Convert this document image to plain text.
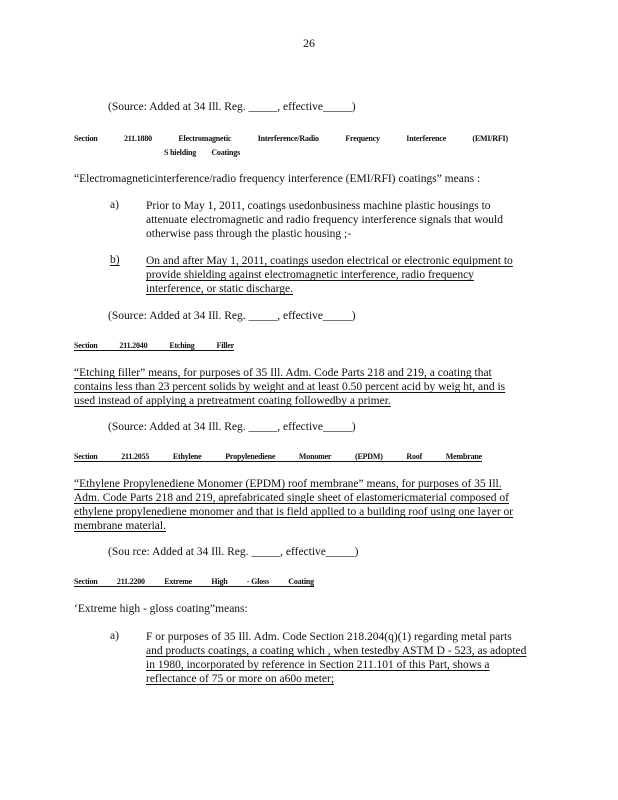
26
(Source: Added at 34 Ill. Reg. _____, effective_____)
Section	211.1880	Electromagnetic	Interference/Radio	Frequency	Interference	(EMI/RFI)
S hielding Coatings
“Electromagneticinterference/radio frequency interference (EMI/RFI) coatings” means :
a) Prior to May 1, 2011, coatings usedonbusiness machine plastic housings to
attenuate electromagnetic and radio frequency interference signals that would
otherwise pass through the plastic housing ;-
b) On and after May 1, 2011, coatings usedon electrical or electronic equipment to
provide shielding against electromagnetic interference, radio frequency
interference, or static discharge.
(Source: Added at 34 Ill. Reg. _____, effective_____)
Section	211.2040	Etching	Filler
“Etching filler” means, for purposes of 35 Ill. Adm. Code Parts 218 and 219, a coating that
contains less than 23 percent solids by weight and at least 0.50 percent acid by weig ht, and is
used instead of applying a pretreatment coating followedby a primer.
(Source: Added at 34 Ill. Reg. _____, effective_____)
Section	211.2055	Ethylene	Propylenediene	Monomer	(EPDM)	Roof	Membrane
“Ethylene Propylenediene Monomer (EPDM) roof membrane” means, for purposes of 35 Ill.
Adm. Code Parts 218 and 219, aprefabricated single sheet of elastomericmaterial composed of
ethylene propylenediene monomer and that is field applied to a building roof using one layer or
membrane material.
(Sou rce: Added at 34 Ill. Reg. _____, effective_____)
Section 211.2200 Extreme High - Gloss Coating
‘Extreme high - gloss coating”means:
a) F or purposes of 35 Ill. Adm. Code Section 218.204(q)(1) regarding metal parts
and products coatings, a coating which , when testedby ASTM D - 523, as adopted
in 1980, incorporated by reference in Section 211.101 of this Part, shows a
reflectance of 75 or more on a60o meter;
